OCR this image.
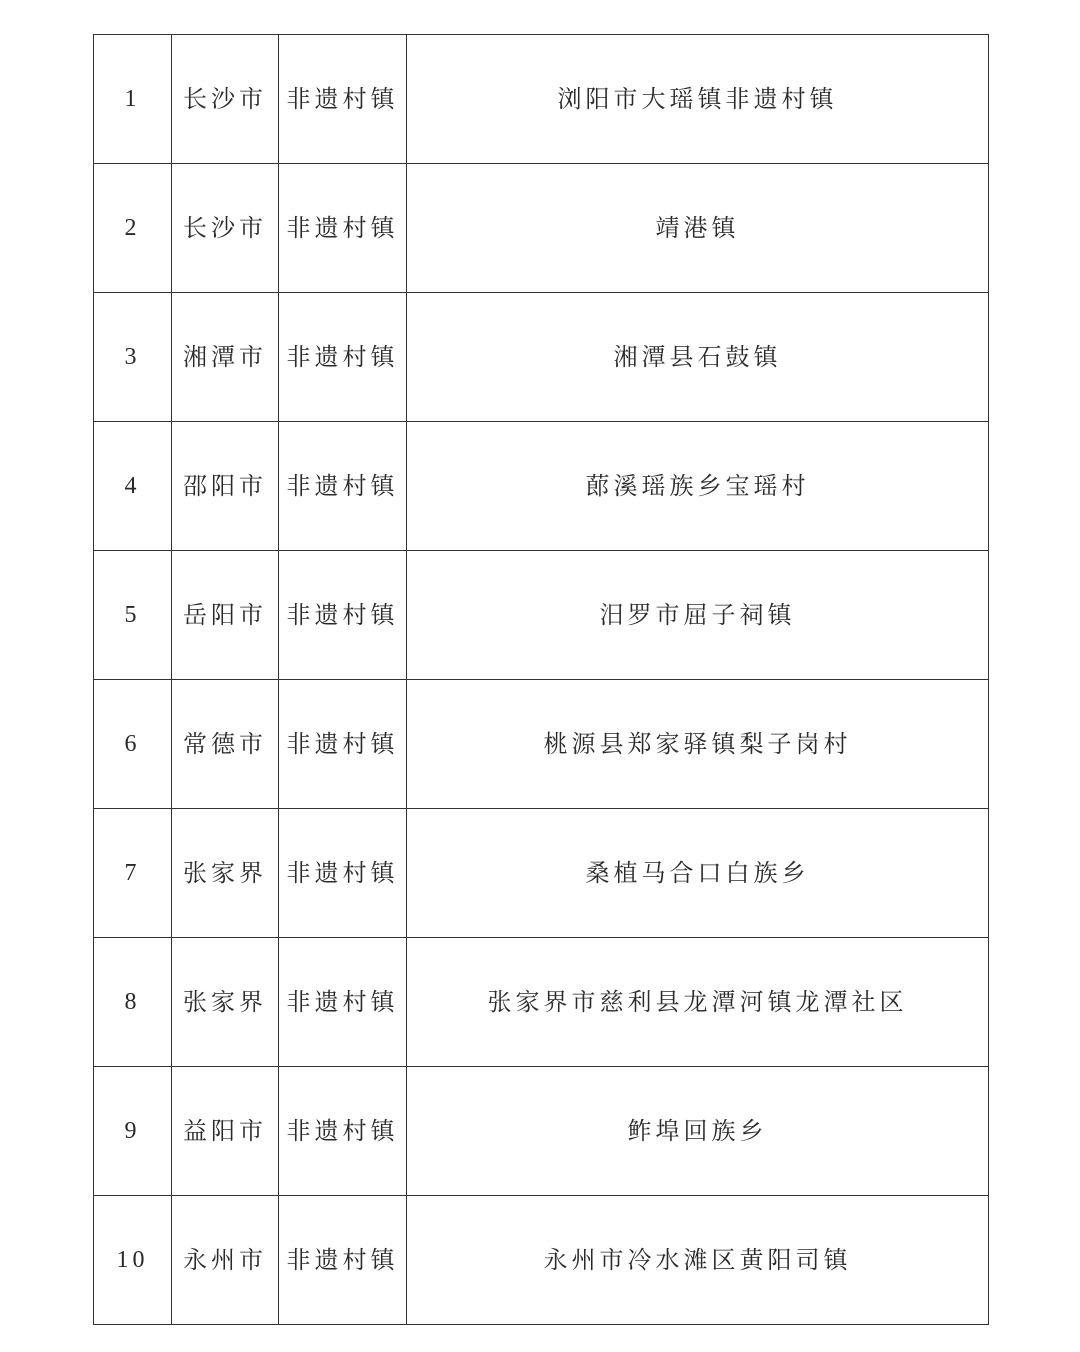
1	长沙市	非遗村镇	浏阳市大瑶镇非遗村镇
2	长沙市	非遗村镇	靖港镇
3	湘潭市	非遗村镇	湘潭县石鼓镇
4	邵阳市	非遗村镇	蓈溪瑶族乡宝瑶村
5	岳阳市	非遗村镇	汨罗市屈子祠镇
6	常德市	非遗村镇	桃源县郑家驿镇梨子岗村
7	张家界	非遗村镇	桑植马合口白族乡
8	张家界	非遗村镇	张家界市慈利县龙潭河镇龙潭社区
9	益阳市	非遗村镇	鲊埠回族乡
10	永州市	非遗村镇	永州市冷水滩区黄阳司镇
